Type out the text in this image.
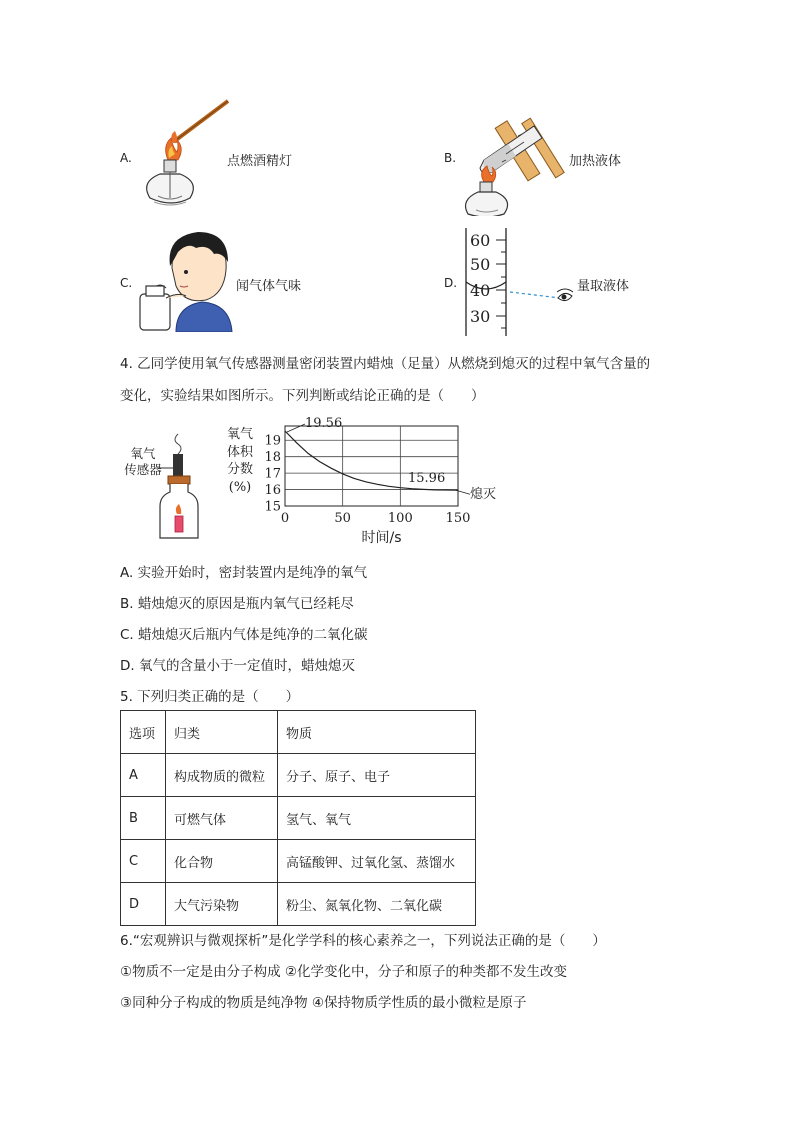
A.	点燃酒精灯	B.	加热液体
C.	闻气体气味	D.
60
50
40
30
量取液体
4. 乙同学使用氧气传感器测量密闭装置内蜡烛（足量）从燃烧到熄灭的过程中氧气含量的
变化，实验结果如图所示。下列判断或结论正确的是（　　）
氧气
传感器
氧气
体积
分数
(%)
0	50	100	150
15
16
17
18
19
19.56
15.96
熄灭
时间/s
A. 实验开始时，密封装置内是纯净的氧气
B. 蜡烛熄灭的原因是瓶内氧气已经耗尽
C. 蜡烛熄灭后瓶内气体是纯净的二氧化碳
D. 氧气的含量小于一定值时，蜡烛熄灭
5. 下列归类正确的是（　　）
选项	归类	物质
A	构成物质的微粒	分子、原子、电子
B	可燃气体	氢气、氧气
C	化合物	高锰酸钾、过氧化氢、蒸馏水
D	大气污染物	粉尘、氮氧化物、二氧化碳
6.“宏观辨识与微观探析”是化学学科的核心素养之一，下列说法正确的是（　　）
①物质不一定是由分子构成 ②化学变化中，分子和原子的种类都不发生改变
③同种分子构成的物质是纯净物 ④保持物质学性质的最小微粒是原子
